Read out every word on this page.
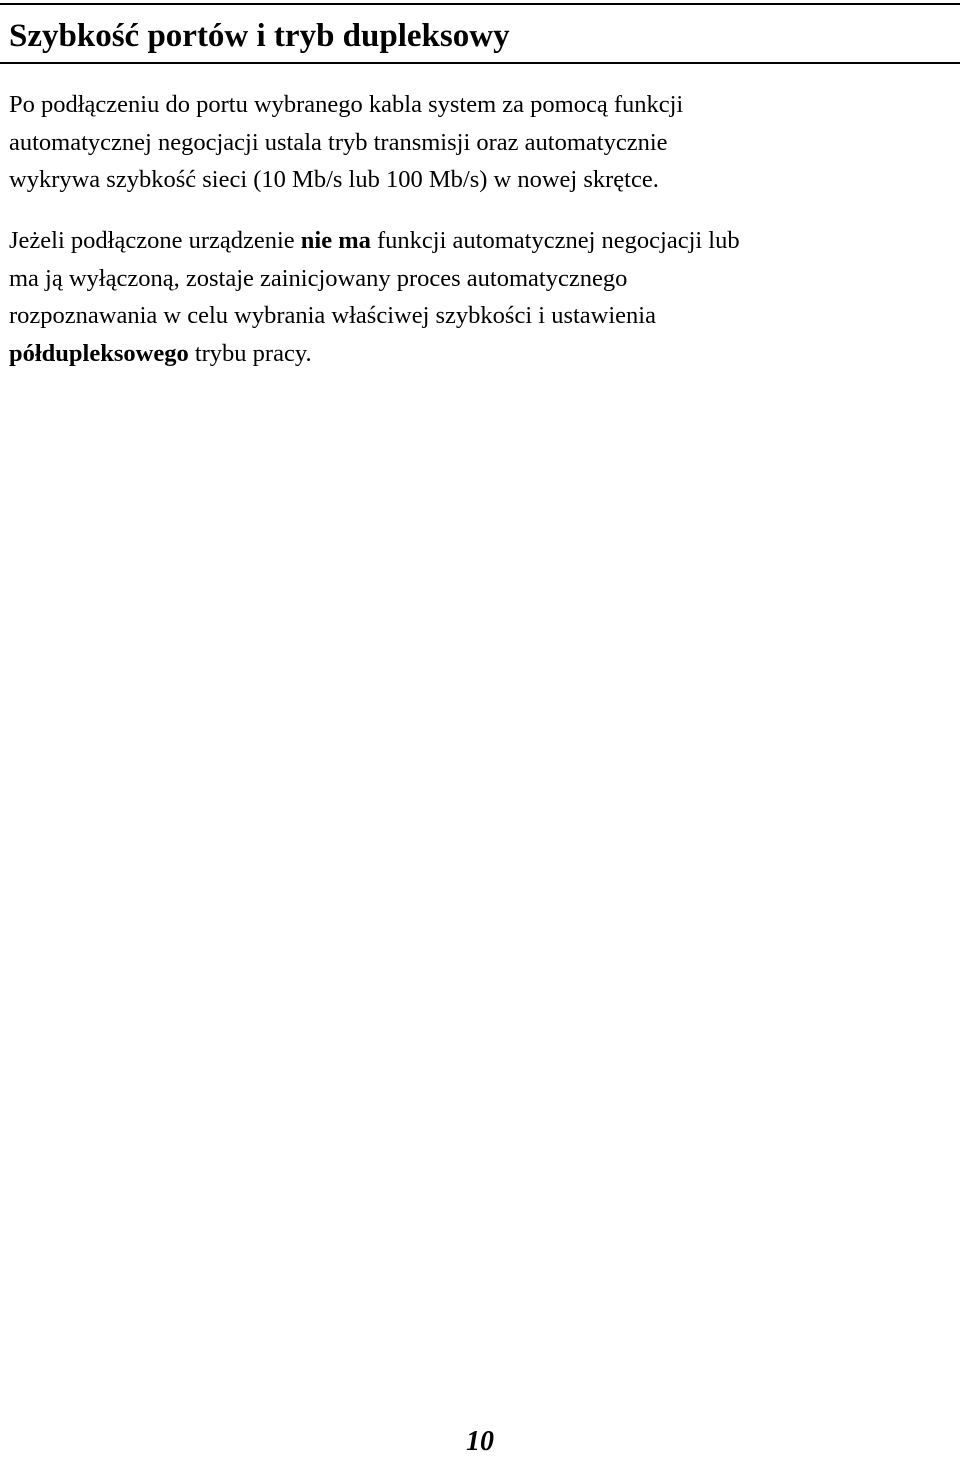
Szybkość portów i tryb dupleksowy

Po podłączeniu do portu wybranego kabla system za pomocą funkcji
automatycznej negocjacji ustala tryb transmisji oraz automatycznie
wykrywa szybkość sieci (10 Mb/s lub 100 Mb/s) w nowej skrętce.

Jeżeli podłączone urządzenie nie ma funkcji automatycznej negocjacji lub
ma ją wyłączoną, zostaje zainicjowany proces automatycznego
rozpoznawania w celu wybrania właściwej szybkości i ustawienia
półdupleksowego trybu pracy.

10
